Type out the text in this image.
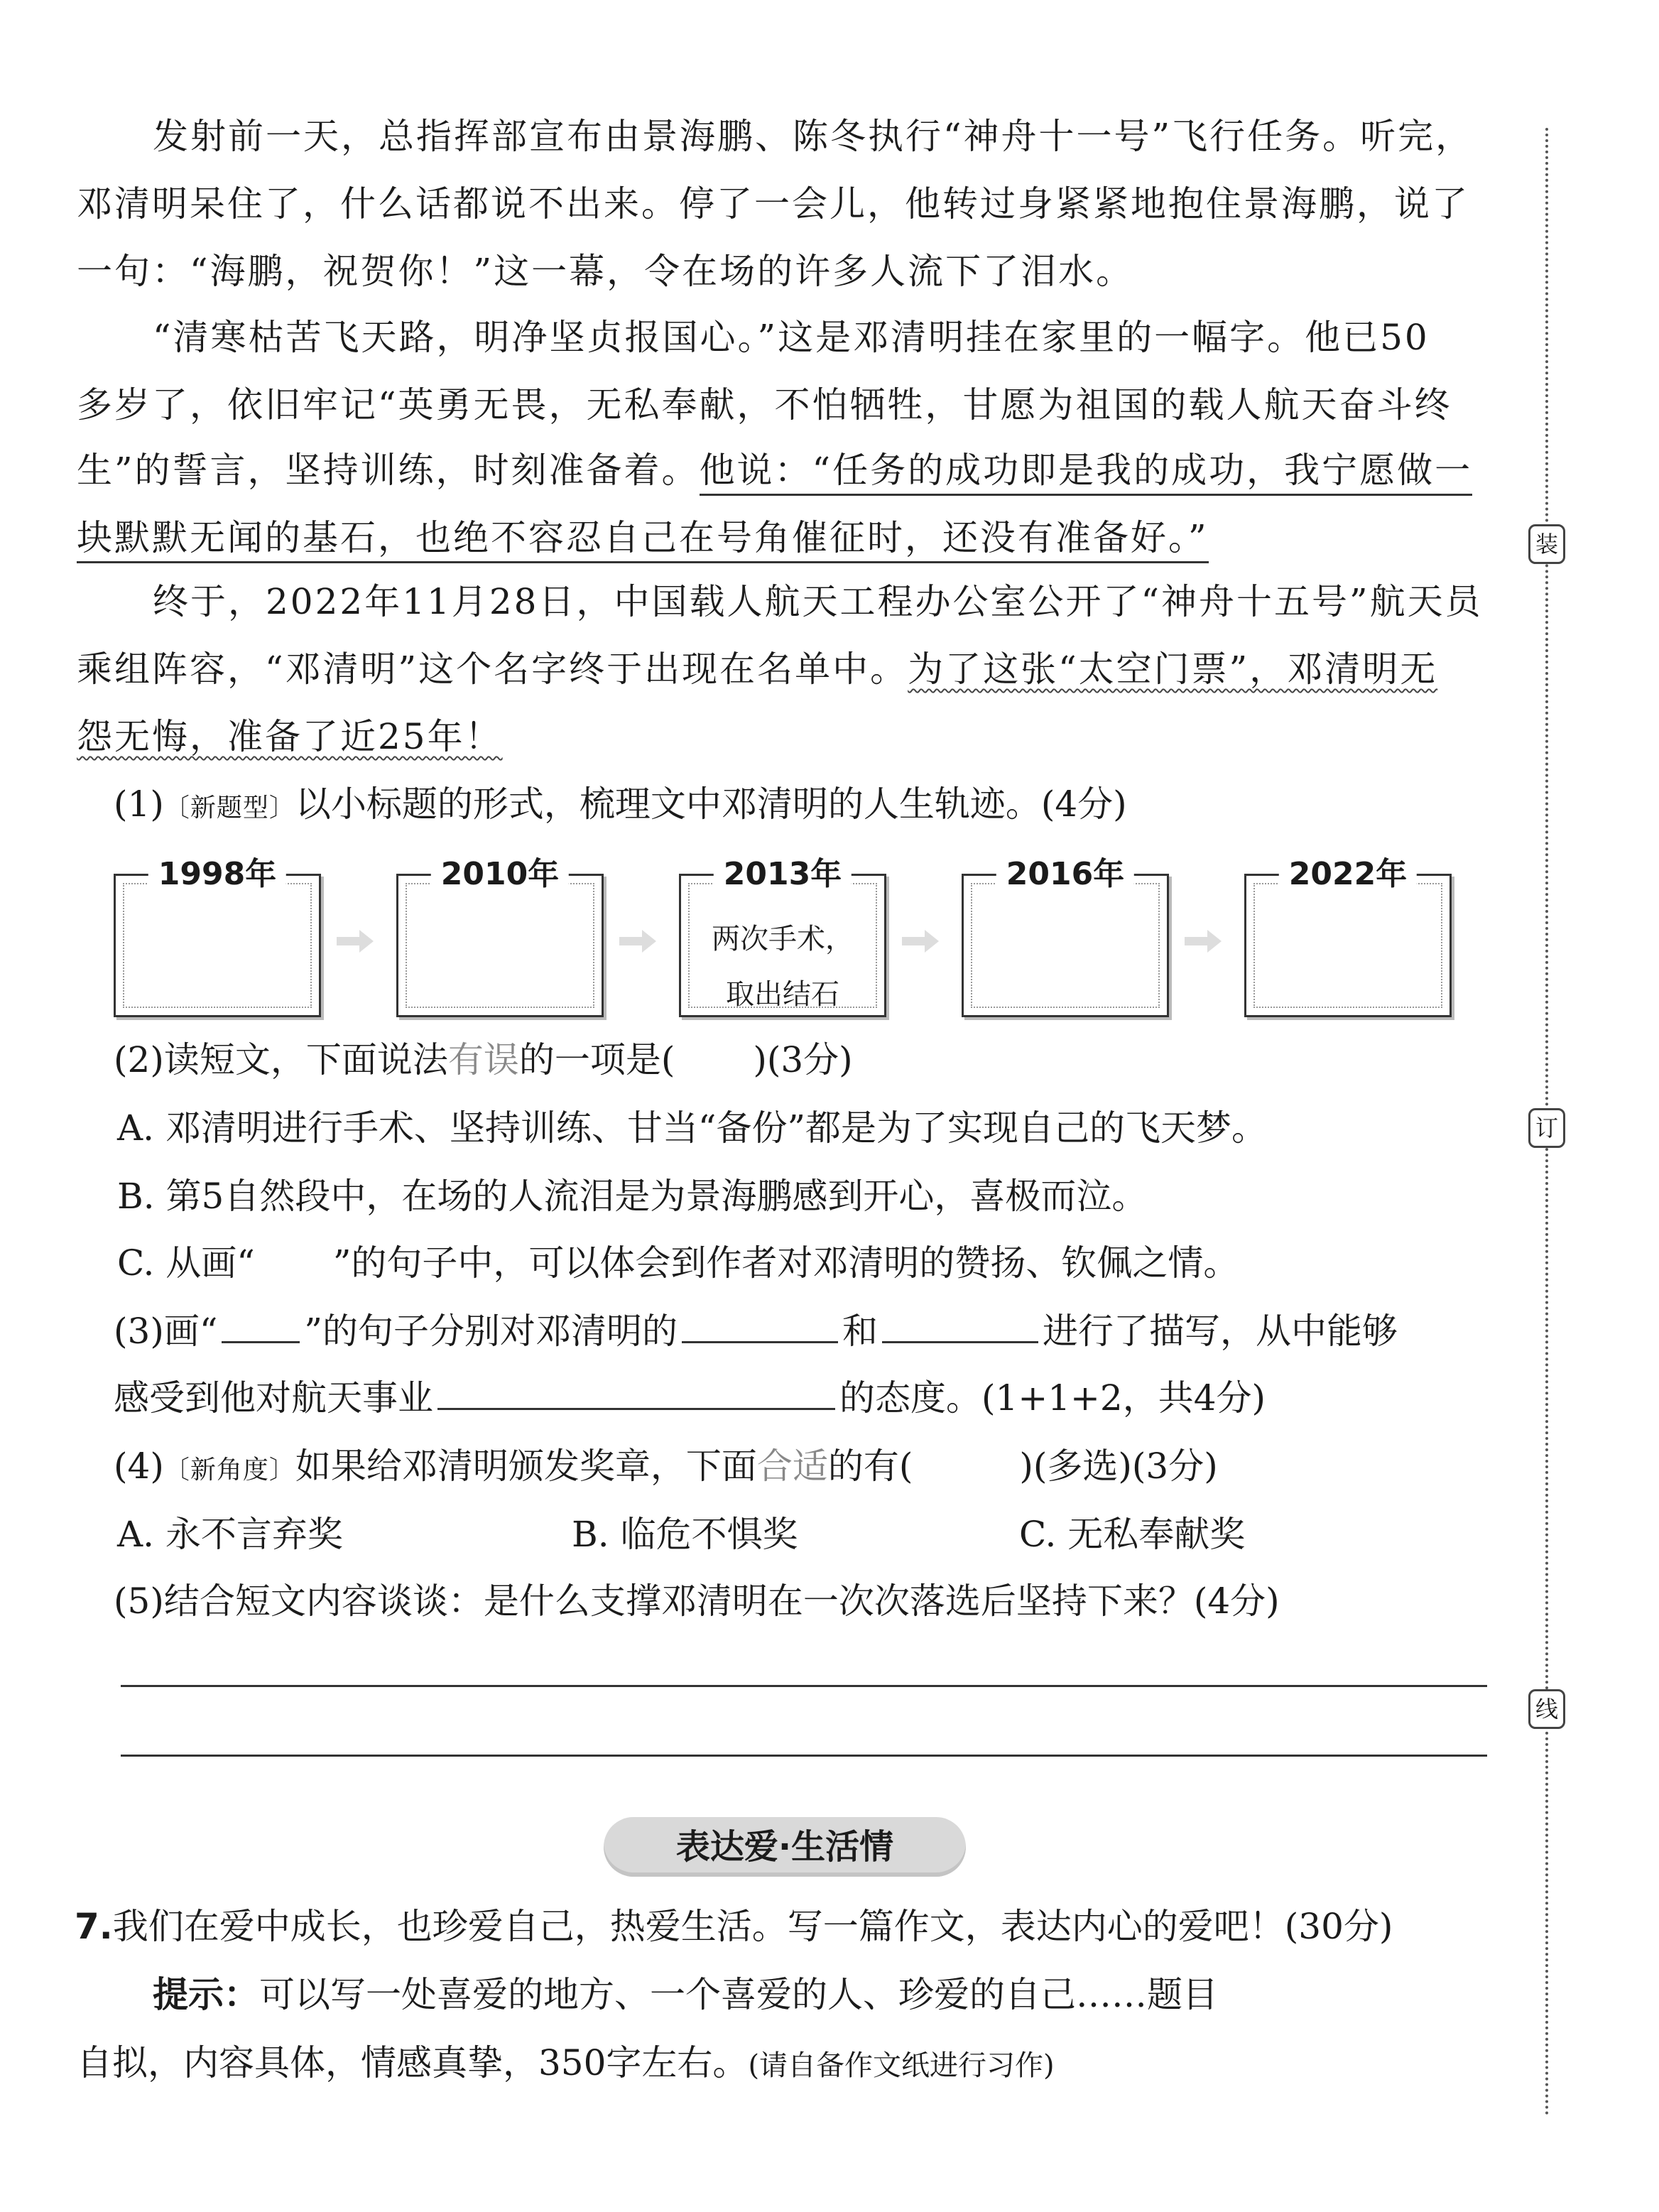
发射前一天，总指挥部宣布由景海鹏、陈冬执行“神舟十一号”飞行任务。听完，
邓清明呆住了，什么话都说不出来。停了一会儿，他转过身紧紧地抱住景海鹏，说了
一句：“海鹏，祝贺你！”这一幕，令在场的许多人流下了泪水。
“清寒枯苦飞天路，明净坚贞报国心。”这是邓清明挂在家里的一幅字。他已50
多岁了，依旧牢记“英勇无畏，无私奉献，不怕牺牲，甘愿为祖国的载人航天奋斗终
生”的誓言，坚持训练，时刻准备着。他说：“任务的成功即是我的成功，我宁愿做一
块默默无闻的基石，也绝不容忍自己在号角催征时，还没有准备好。”
终于，2022年11月28日，中国载人航天工程办公室公开了“神舟十五号”航天员
乘组阵容，“邓清明”这个名字终于出现在名单中。为了这张“太空门票”，邓清明无
怨无悔，准备了近25年！
(1)〔新题型〕以小标题的形式，梳理文中邓清明的人生轨迹。(4分)
1998年	2010年	2013年
两次手术，
取出结石
2016年	2022年
(2)读短文，下面说法有误的一项是( )(3分)
A. 邓清明进行手术、坚持训练、甘当“备份”都是为了实现自己的飞天梦。
B. 第5自然段中，在场的人流泪是为景海鹏感到开心，喜极而泣。
C. 从画“ ”的句子中，可以体会到作者对邓清明的赞扬、钦佩之情。
(3)画“ ”的句子分别对邓清明的	和	进行了描写，从中能够
感受到他对航天事业	的态度。(1+1+2，共4分)
(4)〔新角度〕如果给邓清明颁发奖章，下面合适的有(	)(多选)(3分)
A. 永不言弃奖	B. 临危不惧奖	C. 无私奉献奖
(5)结合短文内容谈谈：是什么支撑邓清明在一次次落选后坚持下来？(4分)
表达爱·生活情
7.我们在爱中成长，也珍爱自己，热爱生活。写一篇作文，表达内心的爱吧！(30分)
提示：可以写一处喜爱的地方、一个喜爱的人、珍爱的自己……题目
自拟，内容具体，情感真挚，350字左右。(请自备作文纸进行习作)
装
订
线
